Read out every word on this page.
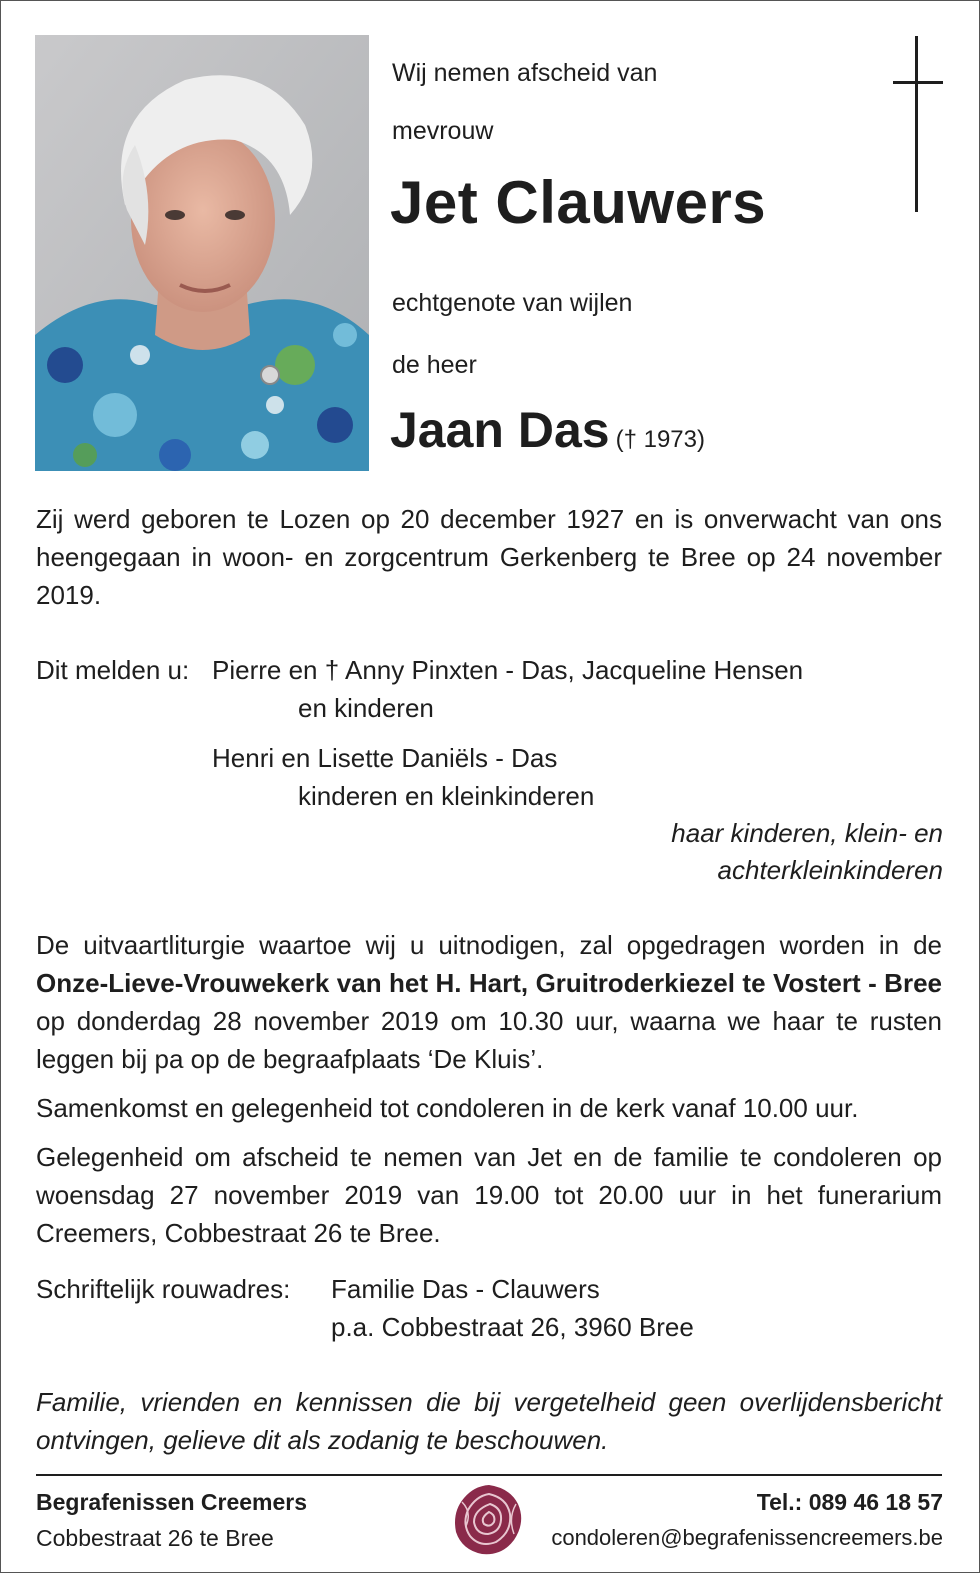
Wij nemen afscheid van
mevrouw
Jet Clauwers
echtgenote van wijlen
de heer
Jaan Das († 1973)
Zij werd geboren te Lozen op 20 december 1927 en is onverwacht van ons heengegaan in woon- en zorgcentrum Gerkenberg te Bree op 24 november 2019.
Dit melden u: Pierre en † Anny Pinxten - Das, Jacqueline Hensen
en kinderen
Henri en Lisette Daniëls - Das
kinderen en kleinkinderen
haar kinderen, klein- en
achterkleinkinderen
De uitvaartliturgie waartoe wij u uitnodigen, zal opgedragen worden in de Onze-Lieve-Vrouwekerk van het H. Hart, Gruitroderkiezel te Vostert - Bree op donderdag 28 november 2019 om 10.30 uur, waarna we haar te rusten leggen bij pa op de begraafplaats ‘De Kluis’.
Samenkomst en gelegenheid tot condoleren in de kerk vanaf 10.00 uur.
Gelegenheid om afscheid te nemen van Jet en de familie te condoleren op woensdag 27 november 2019 van 19.00 tot 20.00 uur in het funerarium Creemers, Cobbestraat 26 te Bree.
Schriftelijk rouwadres: Familie Das - Clauwers
p.a. Cobbestraat 26, 3960 Bree
Familie, vrienden en kennissen die bij vergetelheid geen overlijdensbericht ontvingen, gelieve dit als zodanig te beschouwen.
Begrafenissen Creemers
Cobbestraat 26 te Bree
Tel.: 089 46 18 57
condoleren@begrafenissencreemers.be
